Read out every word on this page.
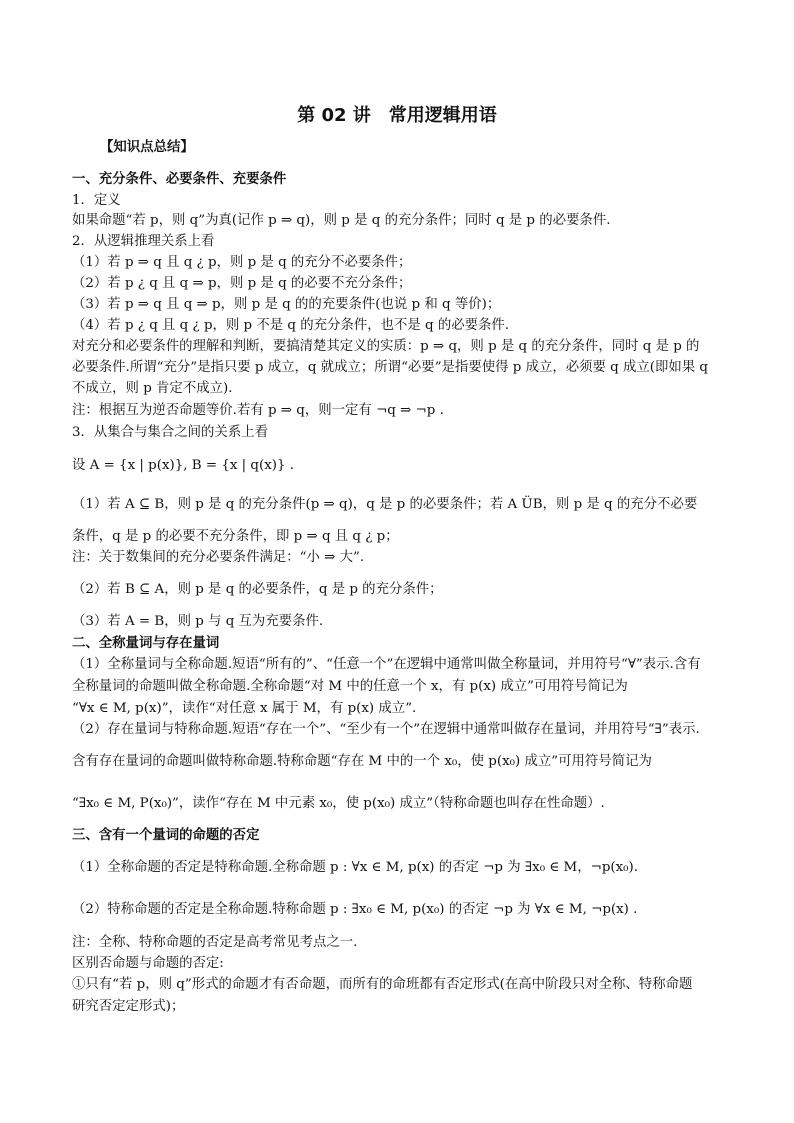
第 02 讲　常用逻辑用语
【知识点总结】
一、充分条件、必要条件、充要条件
1．定义
如果命题“若 p，则 q”为真(记作 p ⇒ q)，则 p 是 q 的充分条件；同时 q 是 p 的必要条件.
2．从逻辑推理关系上看
（1）若 p ⇒ q 且 q ¿ p，则 p 是 q 的充分不必要条件；
（2）若 p ¿ q 且 q ⇒ p，则 p 是 q 的必要不充分条件；
（3）若 p ⇒ q 且 q ⇒ p，则 p 是 q 的的充要条件(也说 p 和 q 等价)；
（4）若 p ¿ q 且 q ¿ p，则 p 不是 q 的充分条件，也不是 q 的必要条件.
对充分和必要条件的理解和判断，要搞清楚其定义的实质：p ⇒ q，则 p 是 q 的充分条件，同时 q 是 p 的
必要条件.所谓“充分”是指只要 p 成立，q 就成立；所谓“必要”是指要使得 p 成立，必须要 q 成立(即如果 q
不成立，则 p 肯定不成立).
注：根据互为逆否命题等价.若有 p ⇒ q，则一定有 ¬q ⇒ ¬p .
3．从集合与集合之间的关系上看
设 A = {x | p(x)}, B = {x | q(x)} .
（1）若 A ⊆ B，则 p 是 q 的充分条件(p ⇒ q)，q 是 p 的必要条件；若 A ÜB，则 p 是 q 的充分不必要
条件，q 是 p 的必要不充分条件，即 p ⇒ q 且 q ¿ p；
注：关于数集间的充分必要条件满足：“小 ⇒ 大”.
（2）若 B ⊆ A，则 p 是 q 的必要条件，q 是 p 的充分条件；
（3）若 A = B，则 p 与 q 互为充要条件.
二、全称量词与存在量词
（1）全称量词与全称命题.短语“所有的”、“任意一个”在逻辑中通常叫做全称量词，并用符号“∀”表示.含有
全称量词的命题叫做全称命题.全称命题“对 M 中的任意一个 x，有 p(x) 成立”可用符号简记为
“∀x ∈ M, p(x)”，读作“对任意 x 属于 M，有 p(x) 成立”.
（2）存在量词与特称命题.短语“存在一个”、“至少有一个”在逻辑中通常叫做存在量词，并用符号“∃”表示.
含有存在量词的命题叫做特称命题.特称命题“存在 M 中的一个 x₀，使 p(x₀) 成立”可用符号简记为
“∃x₀ ∈ M, P(x₀)”，读作“存在 M 中元素 x₀，使 p(x₀) 成立”（特称命题也叫存在性命题）.
三、含有一个量词的命题的否定
（1）全称命题的否定是特称命题.全称命题 p : ∀x ∈ M, p(x) 的否定 ¬p 为 ∃x₀ ∈ M，¬p(x₀).
（2）特称命题的否定是全称命题.特称命题 p : ∃x₀ ∈ M, p(x₀) 的否定 ¬p 为 ∀x ∈ M, ¬p(x) .
注：全称、特称命题的否定是高考常见考点之一.
区别否命题与命题的否定:
①只有“若 p，则 q”形式的命题才有否命题，而所有的命班都有否定形式(在高中阶段只对全称、特称命题
研究否定定形式)；
